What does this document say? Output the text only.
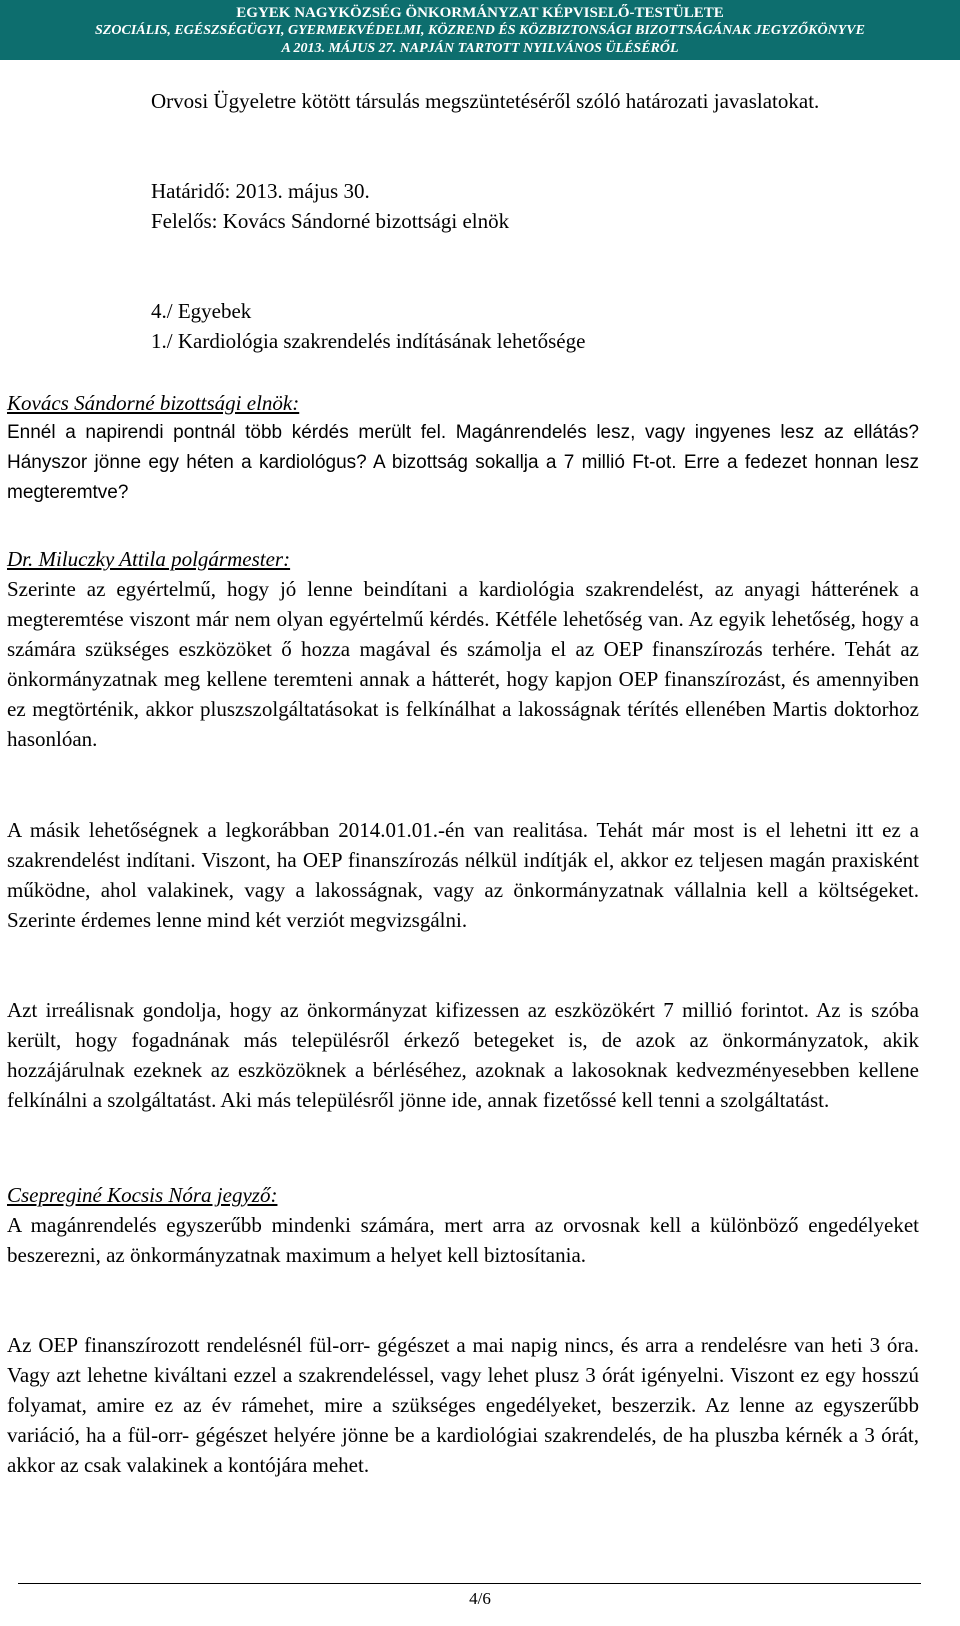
EGYEK NAGYKÖZSÉG ÖNKORMÁNYZAT KÉPVISELŐ-TESTÜLETE
SZOCIÁLIS, EGÉSZSÉGÜGYI, GYERMEKVÉDELMI, KÖZREND ÉS KÖZBIZTONSÁGI BIZOTTSÁGÁNAK JEGYZŐKÖNYVE
A 2013. MÁJUS 27. NAPJÁN TARTOTT NYILVÁNOS ÜLÉSÉRŐL
Orvosi Ügyeletre kötött társulás megszüntetéséről szóló határozati javaslatokat.
Határidő: 2013. május 30.
Felelős: Kovács Sándorné bizottsági elnök
4./ Egyebek
1./ Kardiológia szakrendelés indításának lehetősége
Kovács Sándorné bizottsági elnök:
Ennél a napirendi pontnál több kérdés merült fel. Magánrendelés lesz, vagy ingyenes lesz az ellátás? Hányszor jönne egy héten a kardiológus? A bizottság sokallja a 7 millió Ft-ot. Erre a fedezet honnan lesz megteremtve?
Dr. Miluczky Attila polgármester:
Szerinte az egyértelmű, hogy jó lenne beindítani a kardiológia szakrendelést, az anyagi hátterének a megteremtése viszont már nem olyan egyértelmű kérdés. Kétféle lehetőség van. Az egyik lehetőség, hogy a számára szükséges eszközöket ő hozza magával és számolja el az OEP finanszírozás terhére. Tehát az önkormányzatnak meg kellene teremteni annak a hátterét, hogy kapjon OEP finanszírozást, és amennyiben ez megtörténik, akkor pluszszolgáltatásokat is felkínálhat a lakosságnak térítés ellenében Martis doktorhoz hasonlóan.
A másik lehetőségnek a legkorábban 2014.01.01.-én van realitása. Tehát már most is el lehetni itt ez a szakrendelést indítani. Viszont, ha OEP finanszírozás nélkül indítják el, akkor ez teljesen magán praxisként működne, ahol valakinek, vagy a lakosságnak, vagy az önkormányzatnak vállalnia kell a költségeket. Szerinte érdemes lenne mind két verziót megvizsgálni.
Azt irreálisnak gondolja, hogy az önkormányzat kifizessen az eszközökért 7 millió forintot. Az is szóba került, hogy fogadnának más településről érkező betegeket is, de azok az önkormányzatok, akik hozzájárulnak ezeknek az eszközöknek a bérléséhez, azoknak a lakosoknak kedvezményesebben kellene felkínálni a szolgáltatást. Aki más településről jönne ide, annak fizetőssé kell tenni a szolgáltatást.
Csepreginé Kocsis Nóra jegyző:
A magánrendelés egyszerűbb mindenki számára, mert arra az orvosnak kell a különböző engedélyeket beszerezni, az önkormányzatnak maximum a helyet kell biztosítania.
Az OEP finanszírozott rendelésnél fül-orr- gégészet a mai napig nincs, és arra a rendelésre van heti 3 óra. Vagy azt lehetne kiváltani ezzel a szakrendeléssel, vagy lehet plusz 3 órát igényelni. Viszont ez egy hosszú folyamat, amire ez az év rámehet, mire a szükséges engedélyeket, beszerzik. Az lenne az egyszerűbb variáció, ha a fül-orr- gégészet helyére jönne be a kardiológiai szakrendelés, de ha pluszba kérnék a 3 órát, akkor az csak valakinek a kontójára mehet.
4/6
